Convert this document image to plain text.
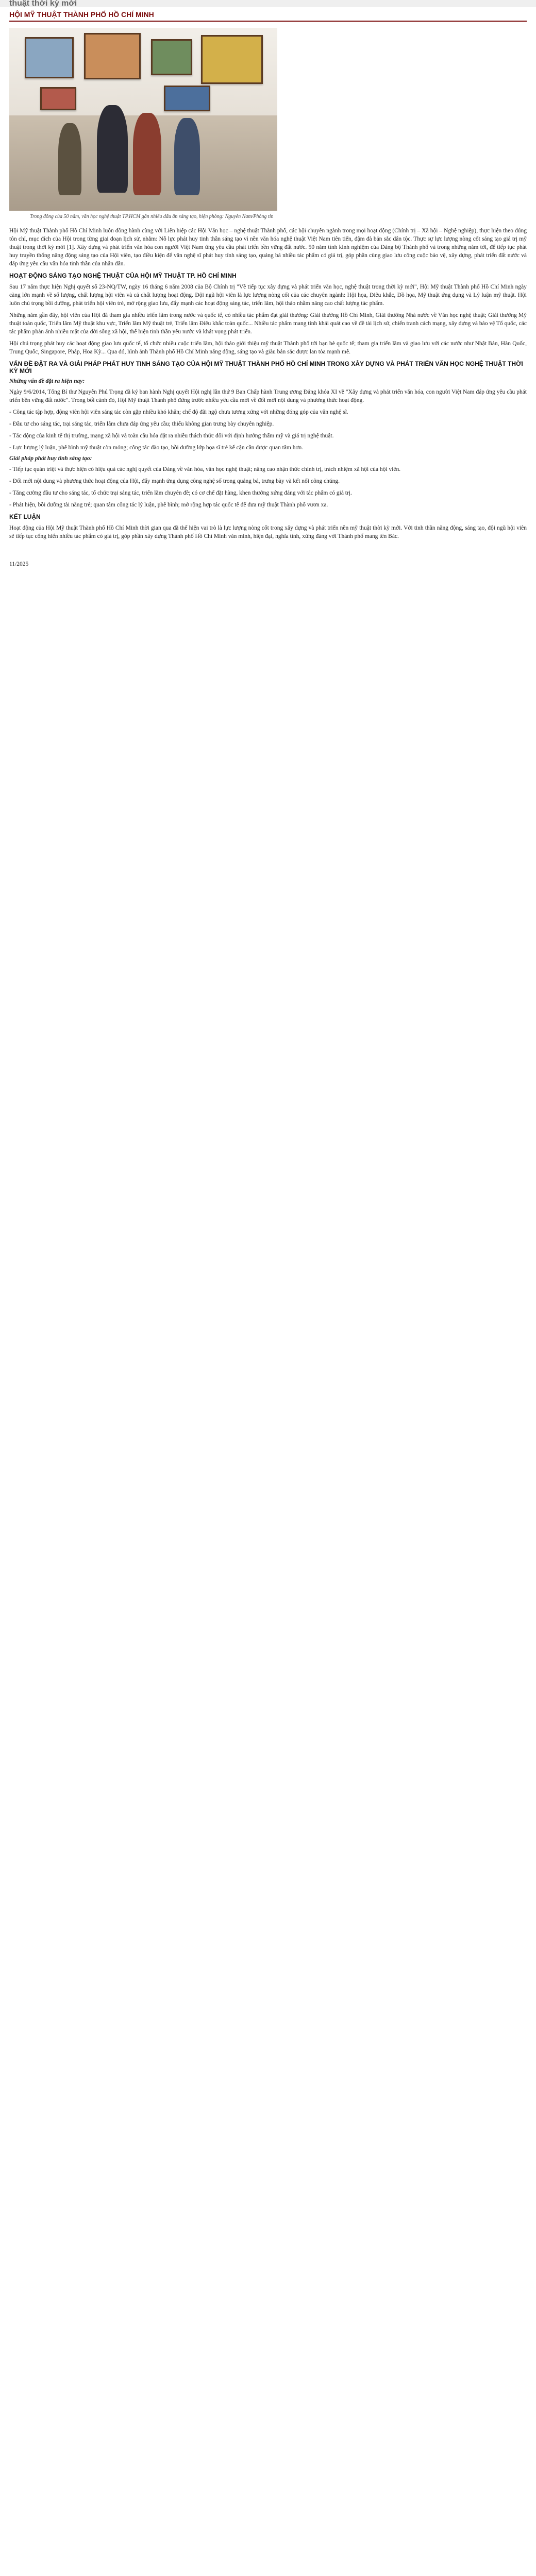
thuật thời kỳ mới
HỘI MỸ THUẬT THÀNH PHỐ HỒ CHÍ MINH
Trong đông của 50 năm, văn học nghệ thuật TP.HCM gắn nhiều dấu ấn sáng tạo, hiện phòng: Nguyên Nam/Phòng tin

Hội Mỹ thuật Thành phố Hồ Chí Minh luôn đồng hành cùng với Liên hiệp các Hội Văn học – nghệ thuật Thành phố, các hội chuyên ngành trong mọi hoạt động (Chính trị – Xã hội – Nghệ nghiệp), thực hiện theo đúng tôn chỉ, mục đích của Hội trong từng giai đoạn lịch sử, nhằm: Nỗ lực phát huy tinh thần sáng tạo vì nền văn hóa nghệ thuật Việt Nam tiên tiến, đậm đà bản sắc dân tộc. Thực sự lực lượng nòng cốt sáng tạo giá trị mỹ thuật trong thời kỳ mới [1]. Xây dựng và phát triển văn hóa con người Việt Nam ứng yêu cầu phát triển bền vững đất nước. 50 năm tính kinh nghiệm của Đảng bộ Thành phố và trong những năm tới, để tiếp tục phát huy truyền thống năng động sáng tạo của Hội viên, tạo điều kiện để văn nghệ sĩ phát huy tính sáng tạo, quảng bá nhiều tác phẩm có giá trị, góp phần cùng giao lưu công cuộc bảo vệ, xây dựng, phát triển đất nước và đáp ứng yêu cầu văn hóa tinh thần của nhân dân.

HOẠT ĐỘNG SÁNG TẠO NGHỆ THUẬT CỦA HỘI MỸ THUẬT TP. HỒ CHÍ MINH

Sau 17 năm thực hiện Nghị quyết số 23-NQ/TW, ngày 16 tháng 6 năm 2008 của Bộ Chính trị "Về tiếp tục xây dựng và phát triển văn học, nghệ thuật trong thời kỳ mới", Hội Mỹ thuật Thành phố Hồ Chí Minh ngày càng lớn mạnh về số lượng, chất lượng hội viên và cả chất lượng hoạt động. Đội ngũ hội viên là lực lượng nòng cốt của các chuyên ngành: Hội họa, Điêu khắc, Đồ họa, Mỹ thuật ứng dụng và Lý luận mỹ thuật. Hội luôn chú trọng bồi dưỡng, phát triển hội viên trẻ, mở rộng giao lưu, đẩy mạnh các hoạt động sáng tác, triển lãm, hội thảo nhằm nâng cao chất lượng tác phẩm.

Những năm gần đây, hội viên của Hội đã tham gia nhiều triển lãm trong nước và quốc tế, có nhiều tác phẩm đạt giải thưởng: Giải thưởng Hồ Chí Minh, Giải thưởng Nhà nước về Văn học nghệ thuật; Giải thưởng Mỹ thuật toàn quốc, Triển lãm Mỹ thuật khu vực, Triển lãm Mỹ thuật trẻ, Triển lãm Điêu khắc toàn quốc... Nhiều tác phẩm mang tính khái quát cao về đề tài lịch sử, chiến tranh cách mạng, xây dựng và bảo vệ Tổ quốc, các tác phẩm phản ánh nhiều mặt của đời sống xã hội, thể hiện tinh thần yêu nước và khát vọng phát triển.

Hội chú trọng phát huy các hoạt động giao lưu quốc tế, tổ chức nhiều cuộc triển lãm, hội thảo giới thiệu mỹ thuật Thành phố tới bạn bè quốc tế; tham gia triển lãm và giao lưu với các nước như Nhật Bản, Hàn Quốc, Trung Quốc, Singapore, Pháp, Hoa Kỳ... Qua đó, hình ảnh Thành phố Hồ Chí Minh năng động, sáng tạo và giàu bản sắc được lan tỏa mạnh mẽ.

VẤN ĐỀ ĐẶT RA VÀ GIẢI PHÁP PHÁT HUY TINH SÁNG TẠO CỦA HỘI MỸ THUẬT THÀNH PHỐ HỒ CHÍ MINH TRONG XÂY DỰNG VÀ PHÁT TRIỂN VĂN HỌC NGHỆ THUẬT THỜI KỲ MỚI
Những vấn đề đặt ra hiện nay:

Ngày 9/6/2014, Tổng Bí thư Nguyễn Phú Trọng đã ký ban hành Nghị quyết Hội nghị lần thứ 9 Ban Chấp hành Trung ương Đảng khóa XI về "Xây dựng và phát triển văn hóa, con người Việt Nam đáp ứng yêu cầu phát triển bền vững đất nước". Trong bối cảnh đó, Hội Mỹ thuật Thành phố đứng trước nhiều yêu cầu mới về đổi mới nội dung và phương thức hoạt động.

- Công tác tập hợp, động viên hội viên sáng tác còn gặp nhiều khó khăn; chế độ đãi ngộ chưa tương xứng với những đóng góp của văn nghệ sĩ.

- Đầu tư cho sáng tác, trại sáng tác, triển lãm chưa đáp ứng yêu cầu; thiếu không gian trưng bày chuyên nghiệp.

- Tác động của kinh tế thị trường, mạng xã hội và toàn cầu hóa đặt ra nhiều thách thức đối với định hướng thẩm mỹ và giá trị nghệ thuật.

- Lực lượng lý luận, phê bình mỹ thuật còn mỏng; công tác đào tạo, bồi dưỡng lớp họa sĩ trẻ kế cận cần được quan tâm hơn.

Giải pháp phát huy tinh sáng tạo:

- Tiếp tục quán triệt và thực hiện có hiệu quả các nghị quyết của Đảng về văn hóa, văn học nghệ thuật; nâng cao nhận thức chính trị, trách nhiệm xã hội của hội viên.

- Đổi mới nội dung và phương thức hoạt động của Hội, đẩy mạnh ứng dụng công nghệ số trong quảng bá, trưng bày và kết nối công chúng.

- Tăng cường đầu tư cho sáng tác, tổ chức trại sáng tác, triển lãm chuyên đề; có cơ chế đặt hàng, khen thưởng xứng đáng với tác phẩm có giá trị.

- Phát hiện, bồi dưỡng tài năng trẻ; quan tâm công tác lý luận, phê bình; mở rộng hợp tác quốc tế để đưa mỹ thuật Thành phố vươn xa.

KẾT LUẬN

Hoạt động của Hội Mỹ thuật Thành phố Hồ Chí Minh thời gian qua đã thể hiện vai trò là lực lượng nòng cốt trong xây dựng và phát triển nền mỹ thuật thời kỳ mới. Với tinh thần năng động, sáng tạo, đội ngũ hội viên sẽ tiếp tục cống hiến nhiều tác phẩm có giá trị, góp phần xây dựng Thành phố Hồ Chí Minh văn minh, hiện đại, nghĩa tình, xứng đáng với Thành phố mang tên Bác.

11/2025
